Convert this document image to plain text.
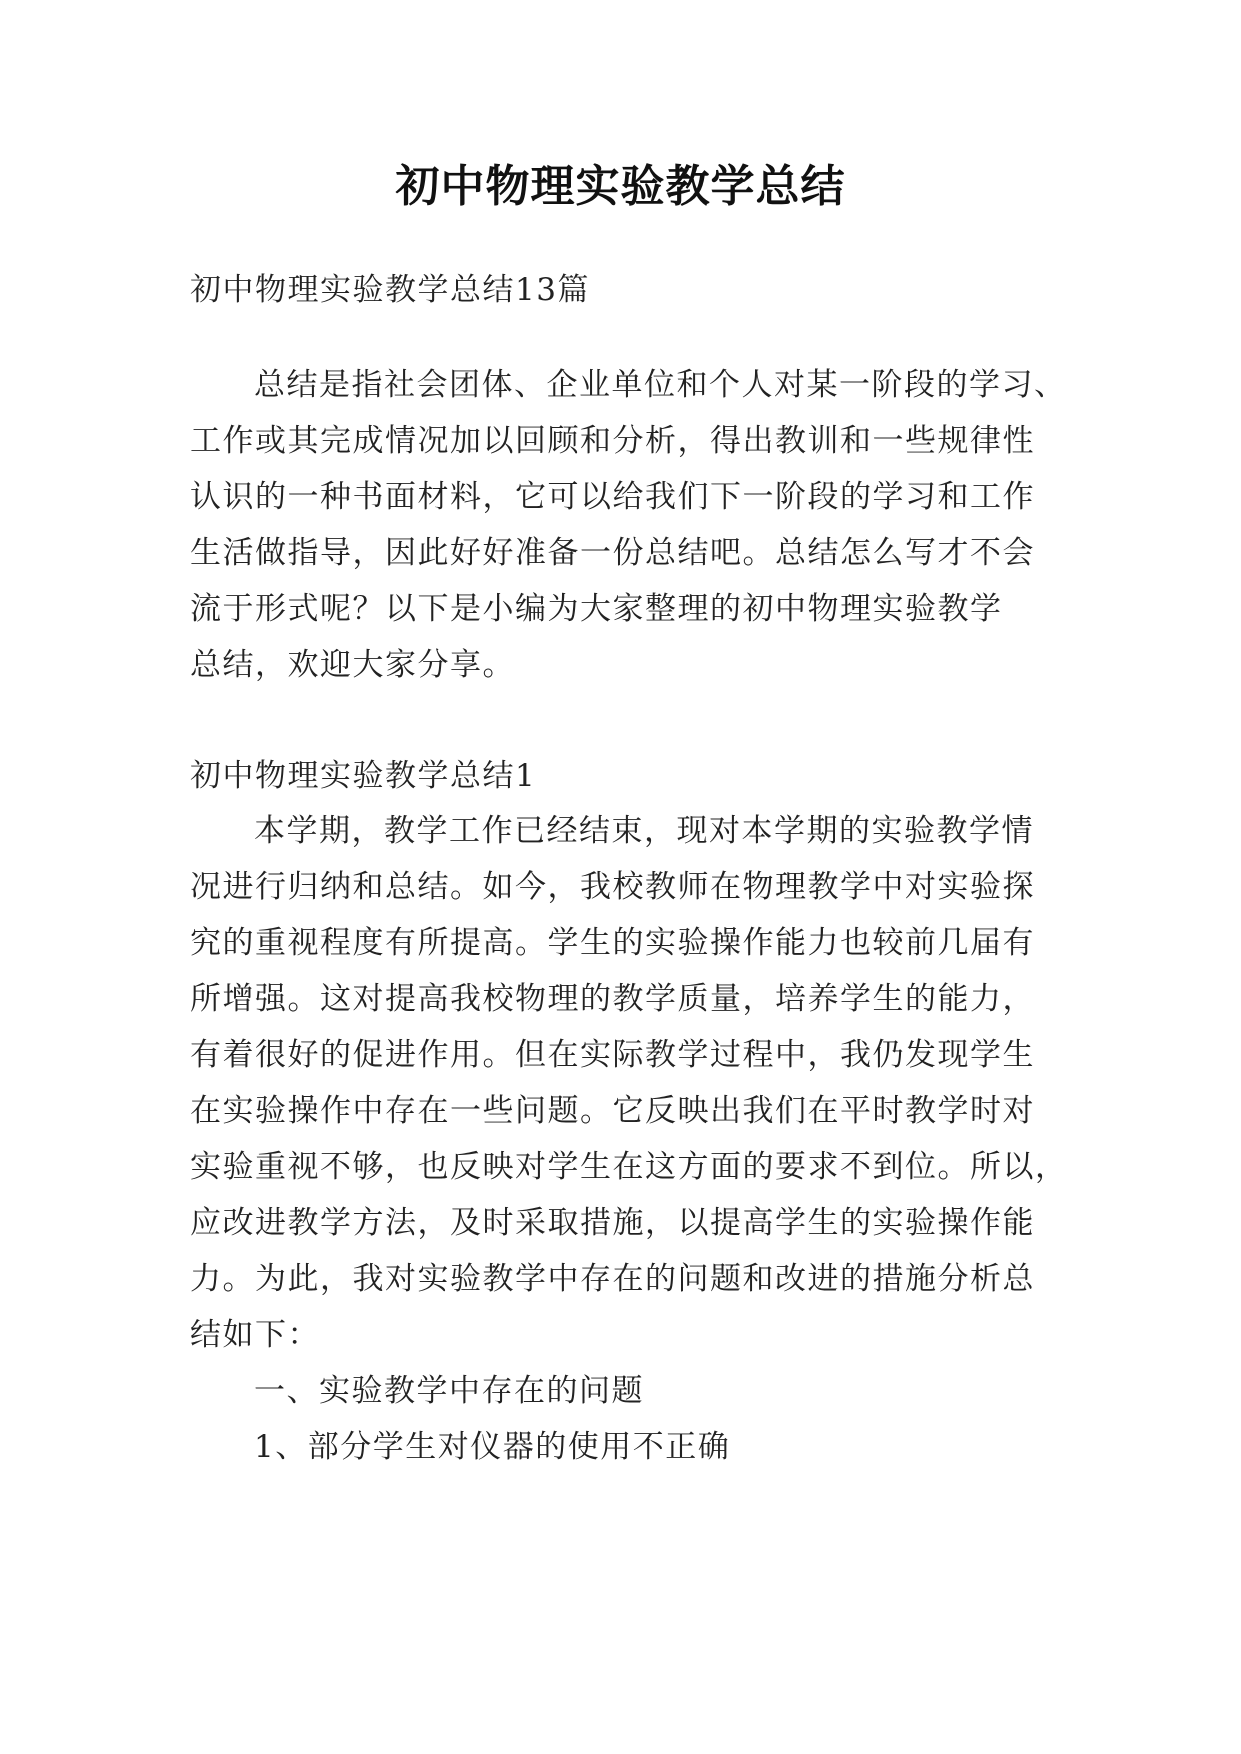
初中物理实验教学总结
初中物理实验教学总结13篇
总结是指社会团体、企业单位和个人对某一阶段的学习、
工作或其完成情况加以回顾和分析，得出教训和一些规律性
认识的一种书面材料，它可以给我们下一阶段的学习和工作
生活做指导，因此好好准备一份总结吧。总结怎么写才不会
流于形式呢？以下是小编为大家整理的初中物理实验教学
总结，欢迎大家分享。
初中物理实验教学总结1
本学期，教学工作已经结束，现对本学期的实验教学情
况进行归纳和总结。如今，我校教师在物理教学中对实验探
究的重视程度有所提高。学生的实验操作能力也较前几届有
所增强。这对提高我校物理的教学质量，培养学生的能力，
有着很好的促进作用。但在实际教学过程中，我仍发现学生
在实验操作中存在一些问题。它反映出我们在平时教学时对
实验重视不够，也反映对学生在这方面的要求不到位。所以，
应改进教学方法，及时采取措施，以提高学生的实验操作能
力。为此，我对实验教学中存在的问题和改进的措施分析总
结如下：
一、实验教学中存在的问题
1、部分学生对仪器的使用不正确
